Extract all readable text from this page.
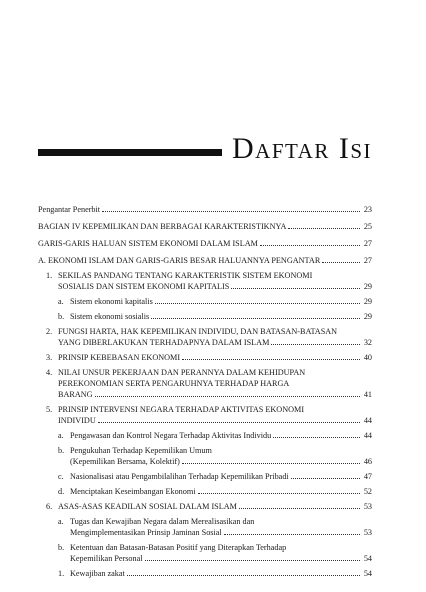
Daftar Isi
Pengantar Penerbit	23
BAGIAN IV KEPEMILIKAN DAN BERBAGAI KARAKTERISTIKNYA	25
GARIS-GARIS HALUAN SISTEM EKONOMI DALAM ISLAM	27
A. EKONOMI ISLAM DAN GARIS-GARIS BESAR HALUANNYA PENGANTAR	27
1. SEKILAS PANDANG TENTANG KARAKTERISTIK SISTEM EKONOMI
SOSIALIS DAN SISTEM EKONOMI KAPITALIS	29
a. Sistem ekonomi kapitalis	29
b. Sistem ekonomi sosialis	29
2. FUNGSI HARTA, HAK KEPEMILIKAN INDIVIDU, DAN BATASAN-BATASAN
YANG DIBERLAKUKAN TERHADAPNYA DALAM ISLAM	32
3. PRINSIP KEBEBASAN EKONOMI	40
4. NILAI UNSUR PEKERJAAN DAN PERANNYA DALAM KEHIDUPAN
PEREKONOMIAN SERTA PENGARUHNYA TERHADAP HARGA
BARANG	41
5. PRINSIP INTERVENSI NEGARA TERHADAP AKTIVITAS EKONOMI
INDIVIDU	44
a. Pengawasan dan Kontrol Negara Terhadap Aktivitas Individu	44
b. Pengukuhan Terhadap Kepemilikan Umum
(Kepemilikan Bersama, Kolektif)	46
c. Nasionalisasi atau Pengambilalihan Terhadap Kepemilikan Pribadi	47
d. Menciptakan Keseimbangan Ekonomi	52
6. ASAS-ASAS KEADILAN SOSIAL DALAM ISLAM	53
a. Tugas dan Kewajiban Negara dalam Merealisasikan dan
Mengimplementasikan Prinsip Jaminan Sosial	53
b. Ketentuan dan Batasan-Batasan Positif yang Diterapkan Terhadap
Kepemilikan Personal	54
1. Kewajiban zakat	54
